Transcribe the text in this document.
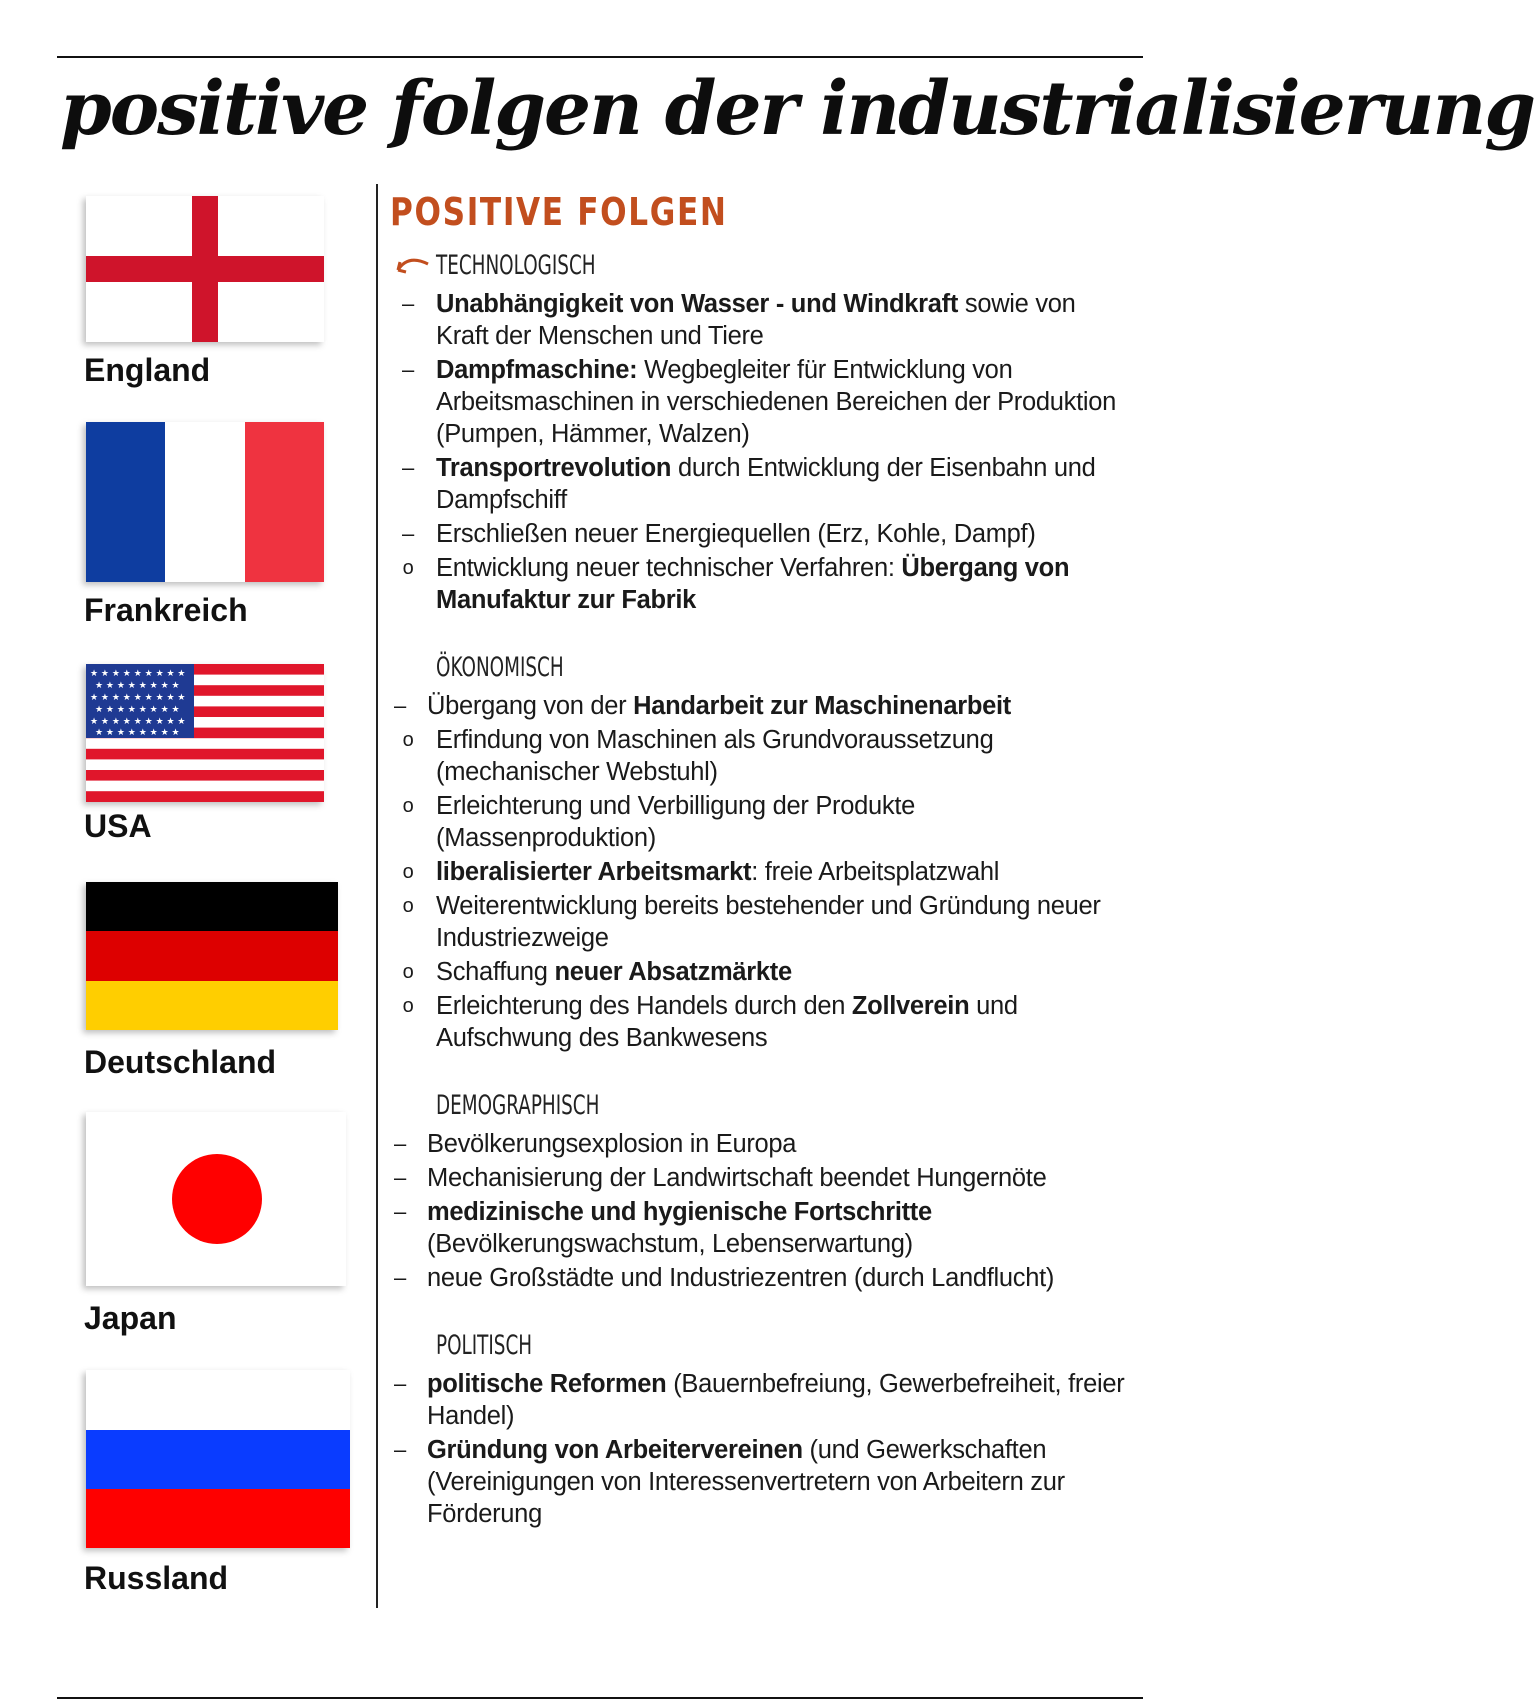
positive folgen der industrialisierung
England
Frankreich
★ ★ ★ ★ ★ ★ ★ ★ ★
★ ★ ★ ★ ★ ★ ★ ★
★ ★ ★ ★ ★ ★ ★ ★ ★
★ ★ ★ ★ ★ ★ ★ ★
★ ★ ★ ★ ★ ★ ★ ★ ★
★ ★ ★ ★ ★ ★ ★ ★
USA
Deutschland
Japan
Russland
POSITIVE FOLGEN
TECHNOLOGISCH
– Unabhängigkeit von Wasser - und Windkraft sowie von Kraft der Menschen und Tiere
– Dampfmaschine: Wegbegleiter für Entwicklung von Arbeitsmaschinen in verschiedenen Bereichen der Produktion (Pumpen, Hämmer, Walzen)
– Transportrevolution durch Entwicklung der Eisenbahn und Dampfschiff
– Erschließen neuer Energiequellen (Erz, Kohle, Dampf)
o Entwicklung neuer technischer Verfahren: Übergang von Manufaktur zur Fabrik
ÖKONOMISCH
– Übergang von der Handarbeit zur Maschinenarbeit
o Erfindung von Maschinen als Grundvoraussetzung (mechanischer Webstuhl)
o Erleichterung und Verbilligung der Produkte (Massenproduktion)
o liberalisierter Arbeitsmarkt: freie Arbeitsplatzwahl
o Weiterentwicklung bereits bestehender und Gründung neuer Industriezweige
o Schaffung neuer Absatzmärkte
o Erleichterung des Handels durch den Zollverein und Aufschwung des Bankwesens
DEMOGRAPHISCH
– Bevölkerungsexplosion in Europa
– Mechanisierung der Landwirtschaft beendet Hungernöte
– medizinische und hygienische Fortschritte (Bevölkerungswachstum, Lebenserwartung)
– neue Großstädte und Industriezentren (durch Landflucht)
POLITISCH
– politische Reformen (Bauernbefreiung, Gewerbefreiheit, freier Handel)
– Gründung von Arbeitervereinen (und Gewerkschaften (Vereinigungen von Interessenvertretern von Arbeitern zur Förderung
